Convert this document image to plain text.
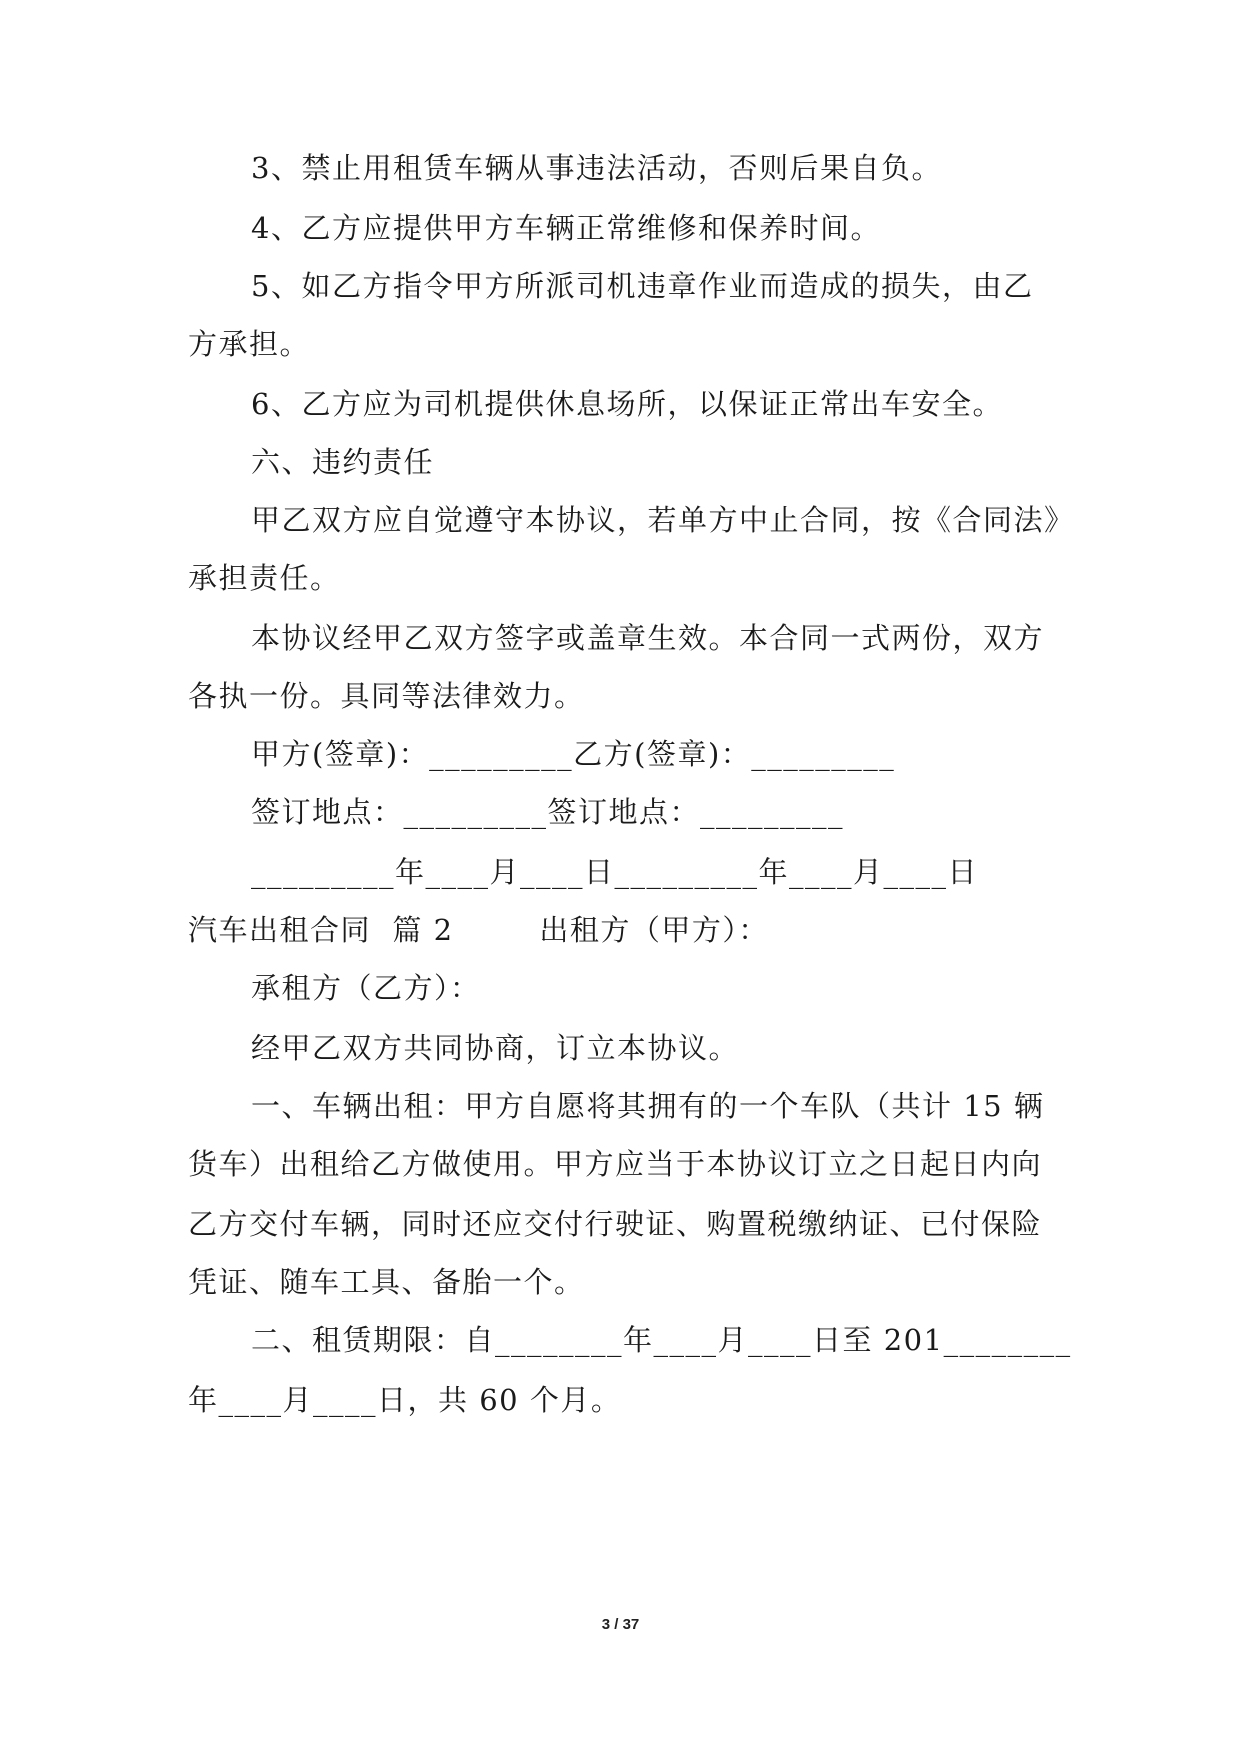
3、禁止用租赁车辆从事违法活动，否则后果自负。
4、乙方应提供甲方车辆正常维修和保养时间。
5、如乙方指令甲方所派司机违章作业而造成的损失，由乙
方承担。
6、乙方应为司机提供休息场所，以保证正常出车安全。
六、违约责任
甲乙双方应自觉遵守本协议，若单方中止合同，按《合同法》
承担责任。
本协议经甲乙双方签字或盖章生效。本合同一式两份，双方
各执一份。具同等法律效力。
甲方(签章)：_________乙方(签章)：_________
签订地点：_________签订地点：_________
_________年____月____日_________年____月____日
汽车出租合同  篇 2        出租方（甲方）：
承租方（乙方）：
经甲乙双方共同协商，订立本协议。
一、车辆出租：甲方自愿将其拥有的一个车队（共计 15 辆
货车）出租给乙方做使用。甲方应当于本协议订立之日起日内向
乙方交付车辆，同时还应交付行驶证、购置税缴纳证、已付保险
凭证、随车工具、备胎一个。
二、租赁期限：自________年____月____日至 201________
年____月____日，共 60 个月。
3 / 37
